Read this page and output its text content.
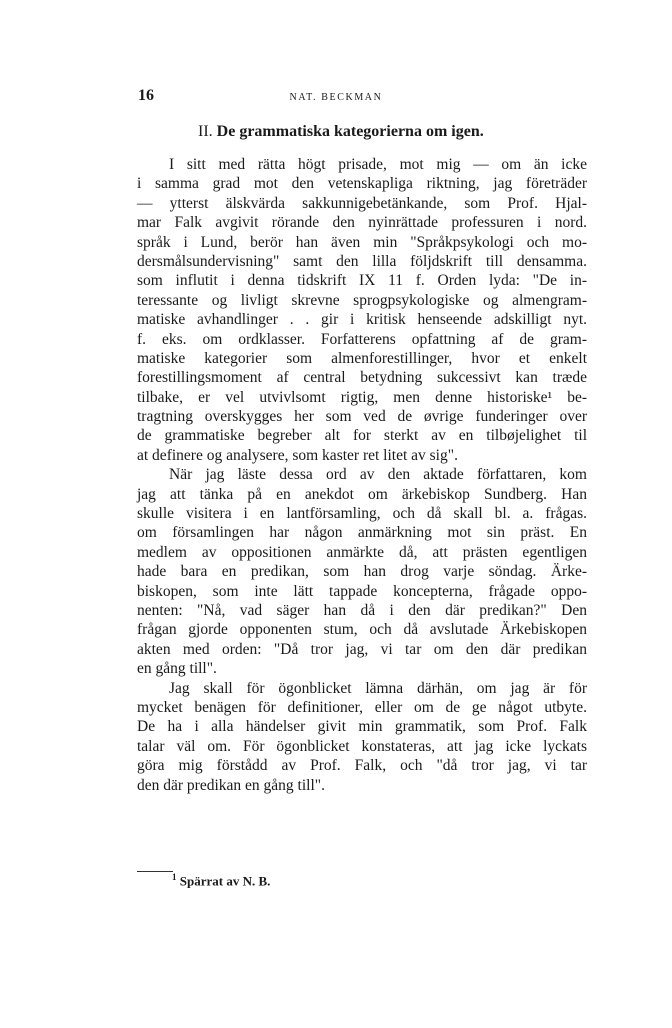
16	NAT. BECKMAN
II. De grammatiska kategorierna om igen.
I sitt med rätta högt prisade, mot mig — om än icke
i samma grad mot den vetenskapliga riktning, jag företräder
— ytterst älskvärda sakkunnigebetänkande, som Prof. Hjal-
mar Falk avgivit rörande den nyinrättade professuren i nord.
språk i Lund, berör han även min "Språkpsykologi och mo-
dersmålsundervisning" samt den lilla följdskrift till densamma.
som influtit i denna tidskrift IX 11 f. Orden lyda: "De in-
teressante og livligt skrevne sprogpsykologiske og almengram-
matiske avhandlinger . . gir i kritisk henseende adskilligt nyt.
f. eks. om ordklasser. Forfatterens opfattning af de gram-
matiske kategorier som almenforestillinger, hvor et enkelt
forestillingsmoment af central betydning sukcessivt kan træde
tilbake, er vel utvivlsomt rigtig, men denne historiske¹ be-
tragtning overskygges her som ved de øvrige funderinger over
de grammatiske begreber alt for sterkt av en tilbøjelighet til
at definere og analysere, som kaster ret litet av sig".
När jag läste dessa ord av den aktade författaren, kom
jag att tänka på en anekdot om ärkebiskop Sundberg. Han
skulle visitera i en lantförsamling, och då skall bl. a. frågas.
om församlingen har någon anmärkning mot sin präst. En
medlem av oppositionen anmärkte då, att prästen egentligen
hade bara en predikan, som han drog varje söndag. Ärke-
biskopen, som inte lätt tappade koncepterna, frågade oppo-
nenten: "Nå, vad säger han då i den där predikan?" Den
frågan gjorde opponenten stum, och då avslutade Ärkebiskopen
akten med orden: "Då tror jag, vi tar om den där predikan
en gång till".
Jag skall för ögonblicket lämna därhän, om jag är för
mycket benägen för definitioner, eller om de ge något utbyte.
De ha i alla händelser givit min grammatik, som Prof. Falk
talar väl om. För ögonblicket konstateras, att jag icke lyckats
göra mig förstådd av Prof. Falk, och "då tror jag, vi tar
den där predikan en gång till".
$^1$ Spärrat av N. B.
